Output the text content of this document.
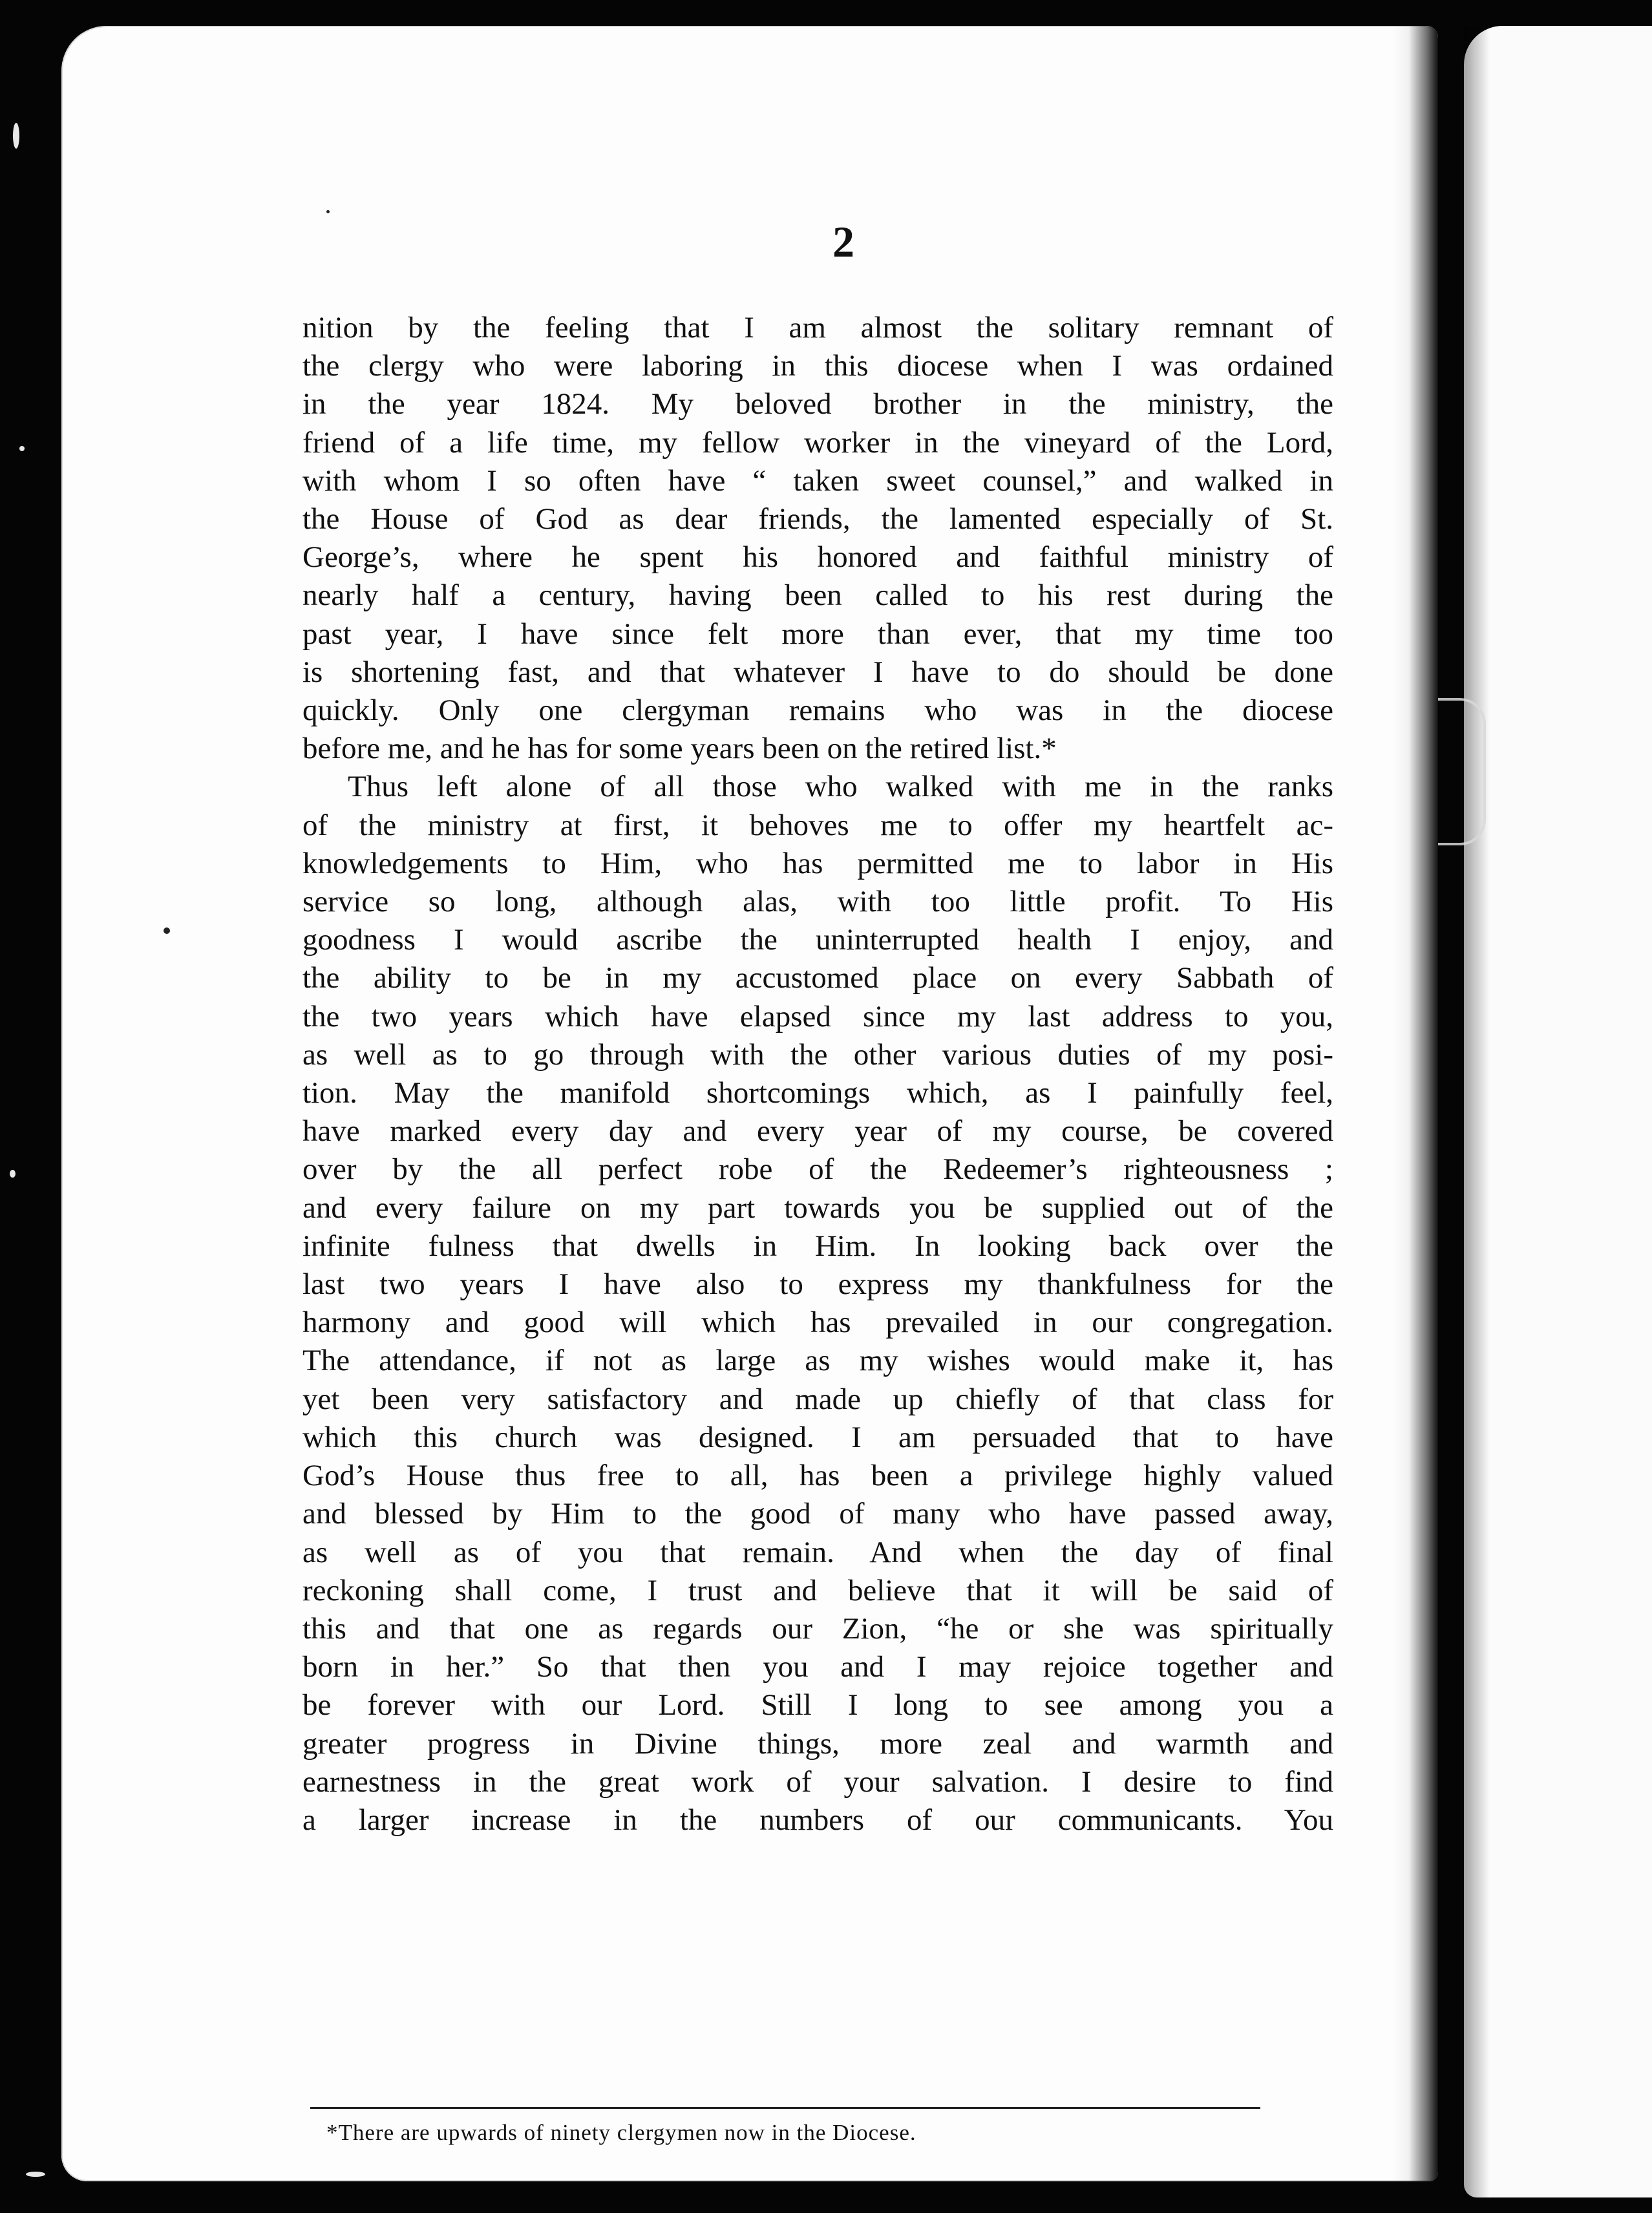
2
nition by the feeling that I am almost the solitary remnant of
the clergy who were laboring in this diocese when I was ordained
in the year 1824. My beloved brother in the ministry, the
friend of a life time, my fellow worker in the vineyard of the Lord,
with whom I so often have “ taken sweet counsel,” and walked in
the House of God as dear friends, the lamented especially of St.
George’s, where he spent his honored and faithful ministry of
nearly half a century, having been called to his rest during the
past year, I have since felt more than ever, that my time too
is shortening fast, and that whatever I have to do should be done
quickly. Only one clergyman remains who was in the diocese
before me, and he has for some years been on the retired list.*
Thus left alone of all those who walked with me in the ranks
of the ministry at first, it behoves me to offer my heartfelt ac-
knowledgements to Him, who has permitted me to labor in His
service so long, although alas, with too little profit. To His
goodness I would ascribe the uninterrupted health I enjoy, and
the ability to be in my accustomed place on every Sabbath of
the two years which have elapsed since my last address to you,
as well as to go through with the other various duties of my posi-
tion. May the manifold shortcomings which, as I painfully feel,
have marked every day and every year of my course, be covered
over by the all perfect robe of the Redeemer’s righteousness ;
and every failure on my part towards you be supplied out of the
infinite fulness that dwells in Him. In looking back over the
last two years I have also to express my thankfulness for the
harmony and good will which has prevailed in our congregation.
The attendance, if not as large as my wishes would make it, has
yet been very satisfactory and made up chiefly of that class for
which this church was designed. I am persuaded that to have
God’s House thus free to all, has been a privilege highly valued
and blessed by Him to the good of many who have passed away,
as well as of you that remain. And when the day of final
reckoning shall come, I trust and believe that it will be said of
this and that one as regards our Zion, “he or she was spiritually
born in her.” So that then you and I may rejoice together and
be forever with our Lord. Still I long to see among you a
greater progress in Divine things, more zeal and warmth and
earnestness in the great work of your salvation. I desire to find
a larger increase in the numbers of our communicants. You
*There are upwards of ninety clergymen now in the Diocese.
